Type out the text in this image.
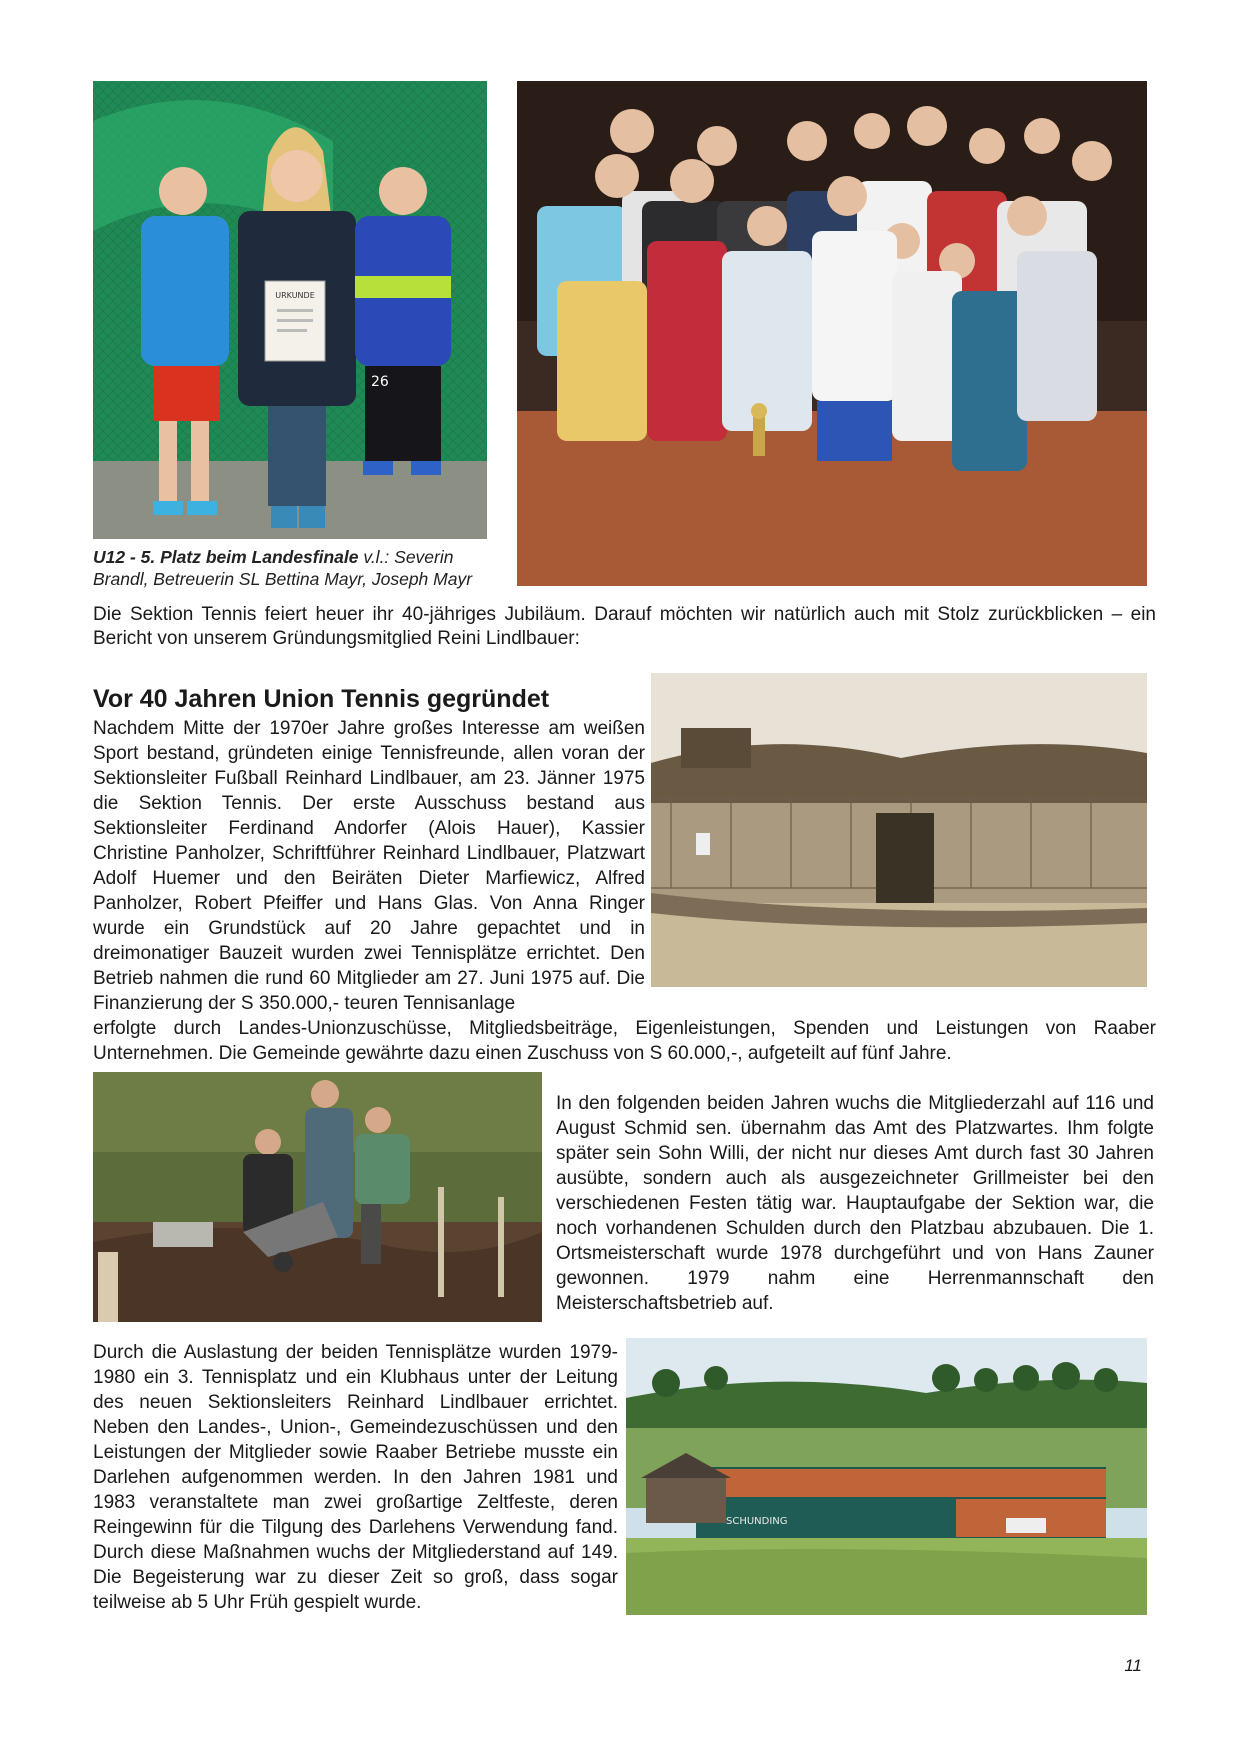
URKUNDE
26
U12 - 5. Platz beim Landesfinale v.l.: Severin Brandl, Betreuerin SL Bettina Mayr, Joseph Mayr
Die Sektion Tennis feiert heuer ihr 40-jähriges Jubiläum. Darauf möchten wir natürlich auch mit Stolz zurückblicken – ein Bericht von unserem Gründungsmitglied Reini Lindlbauer:
Vor 40 Jahren Union Tennis gegründet
Nachdem Mitte der 1970er Jahre großes Interesse am weißen Sport bestand, gründeten einige Tennisfreunde, allen voran der Sektionsleiter Fußball Reinhard Lindlbauer, am 23. Jänner 1975 die Sektion Tennis. Der erste Ausschuss bestand aus Sektionsleiter Ferdinand Andorfer (Alois Hauer), Kassier Christine Panholzer, Schriftführer Reinhard Lindlbauer, Platzwart Adolf Huemer und den Beiräten Dieter Marfiewicz, Alfred Panholzer, Robert Pfeiffer und Hans Glas. Von Anna Ringer wurde ein Grundstück auf 20 Jahre gepachtet und in dreimonatiger Bauzeit wurden zwei Tennisplätze errichtet. Den Betrieb nahmen die rund 60 Mitglieder am 27. Juni 1975 auf. Die Finanzierung der S 350.000,- teuren Tennisanlage
erfolgte durch Landes-Unionzuschüsse, Mitgliedsbeiträge, Eigenleistungen, Spenden und Leistungen von Raaber Unternehmen. Die Gemeinde gewährte dazu einen Zuschuss von S 60.000,-, aufgeteilt auf fünf Jahre.
In den folgenden beiden Jahren wuchs die Mitgliederzahl auf 116 und August Schmid sen. übernahm das Amt des Platzwartes. Ihm folgte später sein Sohn Willi, der nicht nur dieses Amt durch fast 30 Jahren ausübte, sondern auch als ausgezeichneter Grillmeister bei den verschiedenen Festen tätig war. Hauptaufgabe der Sektion war, die noch vorhandenen Schulden durch den Platzbau abzubauen. Die 1. Ortsmeisterschaft wurde 1978 durchgeführt und von Hans Zauner gewonnen. 1979 nahm eine Herrenmannschaft den Meisterschaftsbetrieb auf.
SCHUNDING
Durch die Auslastung der beiden Tennisplätze wurden 1979-1980 ein 3. Tennisplatz und ein Klubhaus unter der Leitung des neuen Sektionsleiters Reinhard Lindlbauer errichtet. Neben den Landes-, Union-, Gemeindezuschüssen und den Leistungen der Mitglieder sowie Raaber Betriebe musste ein Darlehen aufgenommen werden. In den Jahren 1981 und 1983 veranstaltete man zwei großartige Zeltfeste, deren Reingewinn für die Tilgung des Darlehens Verwendung fand. Durch diese Maßnahmen wuchs der Mitgliederstand auf 149. Die Begeisterung war zu dieser Zeit so groß, dass sogar teilweise ab 5 Uhr Früh gespielt wurde.
11
